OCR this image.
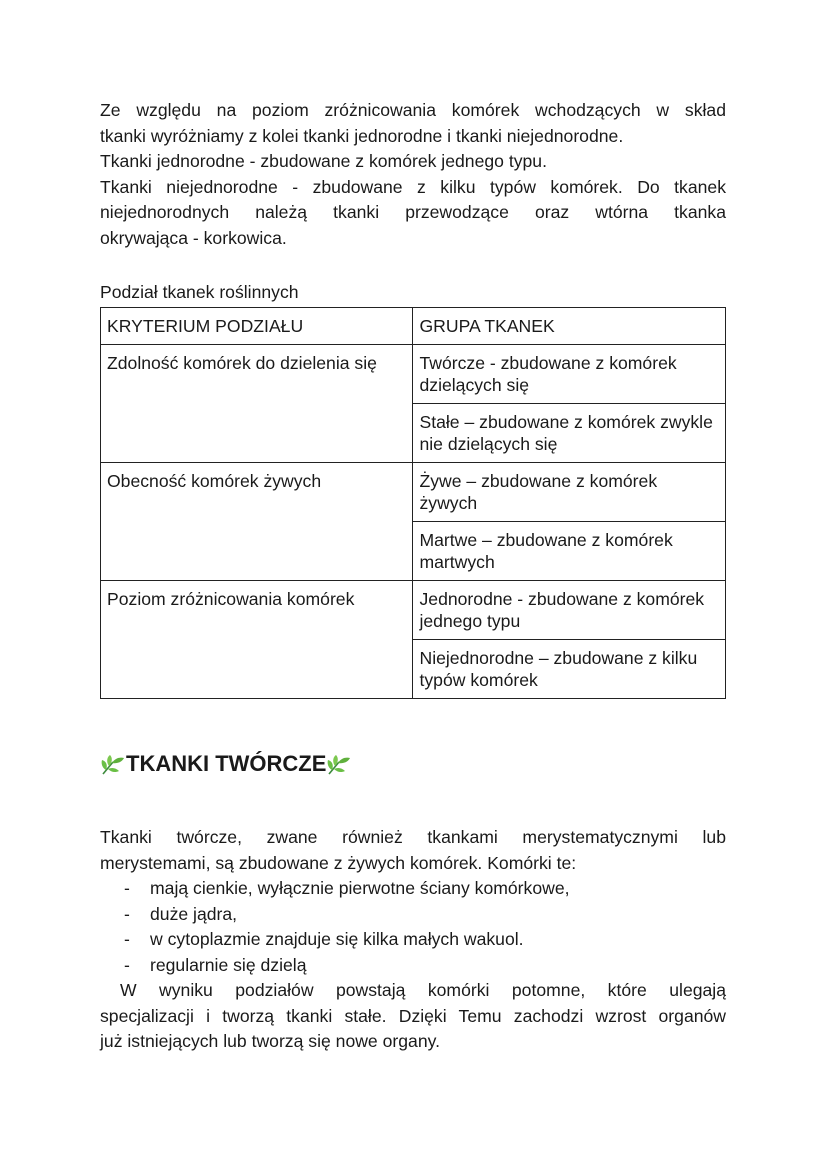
Ze względu na poziom zróżnicowania komórek wchodzących w skład
tkanki wyróżniamy z kolei tkanki jednorodne i tkanki niejednorodne.
Tkanki jednorodne - zbudowane z komórek jednego typu.
Tkanki niejednorodne - zbudowane z kilku typów komórek. Do tkanek
niejednorodnych należą tkanki przewodzące oraz wtórna tkanka
okrywająca - korkowica.

Podział tkanek roślinnych

KRYTERIUM PODZIAŁU	GRUPA TKANEK
Zdolność komórek do dzielenia się	Twórcze - zbudowane z komórek dzielących się
	Stałe – zbudowane z komórek zwykle nie dzielących się
Obecność komórek żywych	Żywe – zbudowane z komórek żywych
	Martwe – zbudowane z komórek martwych
Poziom zróżnicowania komórek	Jednorodne - zbudowane z komórek jednego typu
	Niejednorodne – zbudowane z kilku typów komórek
TKANKI TWÓRCZE

Tkanki twórcze, zwane również tkankami merystematycznymi lub
merystemami, są zbudowane z żywych komórek. Komórki te:

- mają cienkie, wyłącznie pierwotne ściany komórkowe,
- duże jądra,
- w cytoplazmie znajduje się kilka małych wakuol.
- regularnie się dzielą

W wyniku podziałów powstają komórki potomne, które ulegają
specjalizacji i tworzą tkanki stałe. Dzięki Temu zachodzi wzrost organów
już istniejących lub tworzą się nowe organy.
